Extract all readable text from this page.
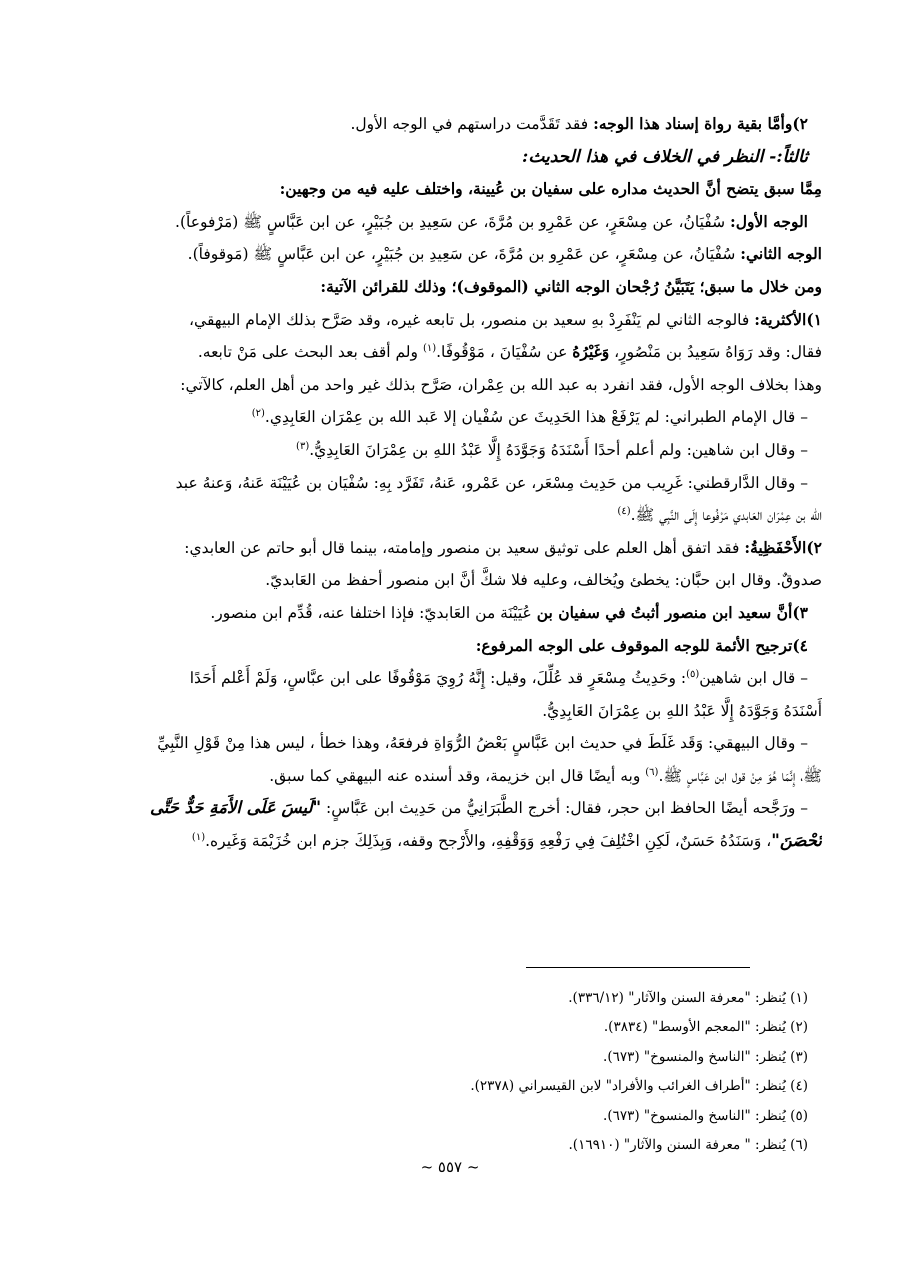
٢)وأمَّا بقية رواة إسناد هذا الوجه: فقد تَقَدَّمت دراستهم في الوجه الأول.
ثالثاً:- النظر في الخلاف في هذا الحديث:
مِمَّا سبق يتضح أنَّ الحديث مداره على سفيان بن عُيينة، واختلف عليه فيه من وجهين:
الوجه الأول: سُفْيَانُ، عن مِسْعَرٍ، عن عَمْرِو بن مُرَّةَ، عن سَعِيدِ بن جُبَيْرٍ، عن ابن عَبَّاسٍ ﷺ (مَرْفوعاً).
الوجه الثاني: سُفْيَانُ، عن مِسْعَرٍ، عن عَمْرِو بن مُرَّةَ، عن سَعِيدِ بن جُبَيْرٍ، عن ابن عَبَّاسٍ ﷺ (مَوقوفاً).
ومن خلال ما سبق؛ يَتَبَيَّنُ رُجْحان الوجه الثاني (الموقوف)؛ وذلك للقرائن الآتية:
١)الأكثرية: فالوجه الثاني لم يَنْفَرِدْ بهِ سعيد بن منصور، بل تابعه غيره، وقد صَرَّح بذلك الإمام البيهقي،
فقال: وقد رَوَاهُ سَعِيدُ بن مَنْصُورٍ، وَغَيْرُهُ عن سُفْيَانَ ، مَوْقُوفًا.$^{(١)}$ ولم أقف بعد البحث على مَنْ تابعه.
وهذا بخلاف الوجه الأول، فقد انفرد به عبد الله بن عِمْران، صَرَّح بذلك غير واحد من أهل العلم، كالآتي:
– قال الإمام الطبراني: لم يَرْفَعْ هذا الحَدِيثَ عن سُفْيان إلا عَبد الله بن عِمْرَان العَابِدِي.$^{(٢)}$
– وقال ابن شاهين: ولم أعلم أحدًا أَسْنَدَهُ وَجَوَّدَهُ إِلَّا عَبْدُ اللهِ بن عِمْرَانَ العَابِدِيُّ.$^{(٣)}$
– وقال الدَّارقطني: غَرِيب من حَدِيث مِسْعَر، عن عَمْرو، عَنهُ، تَفَرَّد بِهِ: سُفْيَان بن عُيَيْنَة عَنهُ، وَعنهُ عبد
الله بن عِمْرَان العَابدي مَرْفُوعا إِلَى النَّبِي ﷺ.$^{(٤)}$
٢)الأَحْفَظِيةُ: فقد اتفق أهل العلم على توثيق سعيد بن منصور وإمامته، بينما قال أبو حاتم عن العابدي:
صدوقٌ. وقال ابن حبَّان: يخطئ ويُخالف، وعليه فلا شكَّ أنَّ ابن منصور أحفظ من العَابديّ.
٣)أنَّ سعيد ابن منصور أثبتُ في سفيان بن عُيَيْنَة من العَابديّ: فإذا اختلفا عنه، قُدِّم ابن منصور.
٤)ترجيح الأئمة للوجه الموقوف على الوجه المرفوع:
– قال ابن شاهين$^{(٥)}$: وحَدِيثُ مِسْعَرٍ قد عُلِّلَ، وقيل: إِنَّهُ رُوِيَ مَوْقُوفًا على ابن عبَّاسٍ، وَلَمْ أَعْلم أَحَدًا
أَسْنَدَهُ وَجَوَّدَهُ إِلَّا عَبْدُ اللهِ بن عِمْرَانَ العَابِدِيُّ.
– وقال البيهقي: وَقَد غَلَطَ في حديث ابن عَبَّاسٍ بَعْضُ الرُّوَاةِ فرفعَهُ، وهذا خطأ ، ليس هذا مِنْ قَوْلِ النَّبِيِّ
ﷺ، إِنَّمَا هُوَ مِنْ قول ابن عَبَّاسٍ ﷺ.$^{(٦)}$ وبه أيضًا قال ابن خزيمة، وقد أسنده عنه البيهقي كما سبق.
– ورَجَّحه أيضًا الحافظ ابن حجر، فقال: أخرج الطَّبَرَانِيُّ من حَدِيث ابن عَبَّاسٍ: "لَيسَ عَلَى الأَمَةِ حَدٌّ حَتَّى
تُحْصَنَ"، وَسَنَدُهُ حَسَنٌ، لَكِنِ اخْتُلِفَ فِي رَفْعِهِ وَوَقْفِهِ، والأَرْجح وقفه، وَبِذَلِكَ جزم ابن خُزَيْمَة وَغَيره.$^{(١)}$
(١) يُنظر: "معرفة السنن والآثار" (٣٣٦/١٢).
(٢) يُنظر: "المعجم الأوسط" (٣٨٣٤).
(٣) يُنظر: "الناسخ والمنسوخ" (٦٧٣).
(٤) يُنظر: "أطراف الغرائب والأفراد" لابن القيسراني (٢٣٧٨).
(٥) يُنظر: "الناسخ والمنسوخ" (٦٧٣).
(٦) يُنظر: " معرفة السنن والآثار" (١٦٩١٠).
~ ٥٥٧ ~
